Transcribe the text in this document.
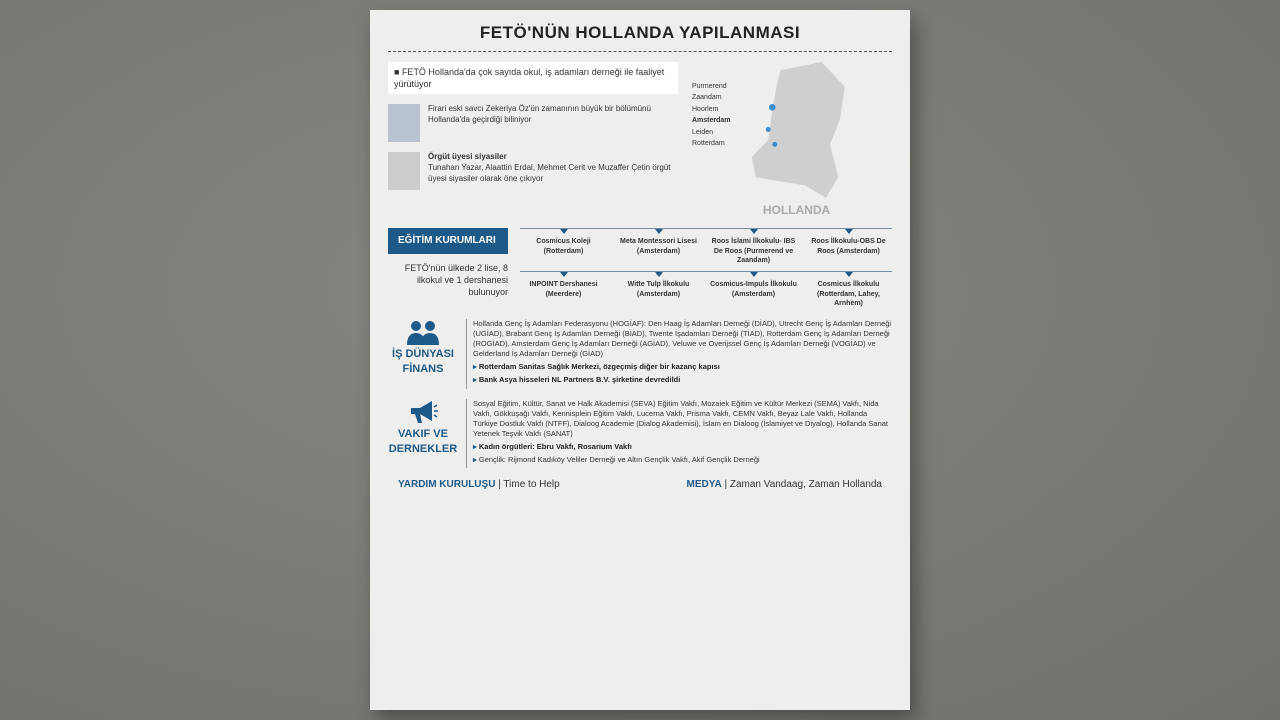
FETÖ'NÜN HOLLANDA YAPILANMASI
■ FETÖ Hollanda'da çok sayıda okul, iş adamları derneği ile faaliyet yürütüyor
Firari eski savcı Zekeriya Öz'ün zamanının büyük bir bölümünü Hollanda'da geçirdiği biliniyor
Örgüt üyesi siyasiler
Tunahan Yazar, Alaattin Erdal, Mehmet Cerit ve Muzaffer Çetin örgüt üyesi siyasiler olarak öne çıkıyor
Purmerend
Zaandam
Hoorlem
Amsterdam
Leiden
Rotterdam
HOLLANDA
EĞİTİM KURUMLARI
FETÖ'nün ülkede 2 lise, 8 ilkokul ve 1 dershanesi bulunuyor
Cosmicus Koleji (Rotterdam)
Meta Montessori Lisesi (Amsterdam)
Roos İslami İlkokulu- IBS De Roos (Purmerend ve Zaandam)
Roos İlkokulu-OBS De Roos (Amsterdam)
INPOINT Dershanesi (Meerdere)
Witte Tulp İlkokulu (Amsterdam)
Cosmicus-Impuls İlkokulu (Amsterdam)
Cosmicus İlkokulu (Rotterdam, Lahey, Arnhem)
İŞ DÜNYASI
FİNANS

Hollanda Genç İş Adamları Federasyonu (HOGİAF): Den Haag İş Adamları Derneği (DİAD), Utrecht Genç İş Adamları Derneği (UGİAD), Brabant Genç İş Adamları Derneği (BİAD), Twente İşadamları Derneği (TİAD), Rotterdam Genç İş Adamları Derneği (ROGİAD), Amsterdam Genç İş Adamları Derneği (AGİAD), Veluwe ve Overijssel Genç İş Adamları Derneği (VOGİAD) ve Gelderland İş Adamları Derneği (GİAD)

▸ Rotterdam Sanitas Sağlık Merkezi, özgeçmiş diğer bir kazanç kapısı

▸ Bank Asya hisseleri NL Partners B.V. şirketine devredildi

VAKIF VE
DERNEKLER

Sosyal Eğitim, Kültür, Sanat ve Halk Akademisi (SEVA) Eğitim Vakfı, Mozaiek Eğitim ve Kültür Merkezi (SEMA) Vakfı, Nida Vakfı, Gökkuşağı Vakfı, Kennisplein Eğitim Vakfı, Lucerna Vakfı, Prisma Vakfı, CEMN Vakfı, Beyaz Lale Vakfı, Hollanda Türkiye Dostluk Vakfı (NTFF), Dialoog Academie (Dialog Akademisi), İslam en Dialoog (İslamiyet ve Diyalog), Hollanda Sanat Yetenek Teşvik Vakfı (SANAT)

▸ Kadın örgütleri: Ebru Vakfı, Rosarium Vakfı

▸ Gençlik: Rijmond Kadıköy Veliler Derneği ve Altın Gençlik Vakfı, Akif Gençlik Derneği

YARDIM KURULUŞU | Time to Help	MEDYA | Zaman Vandaag, Zaman Hollanda
